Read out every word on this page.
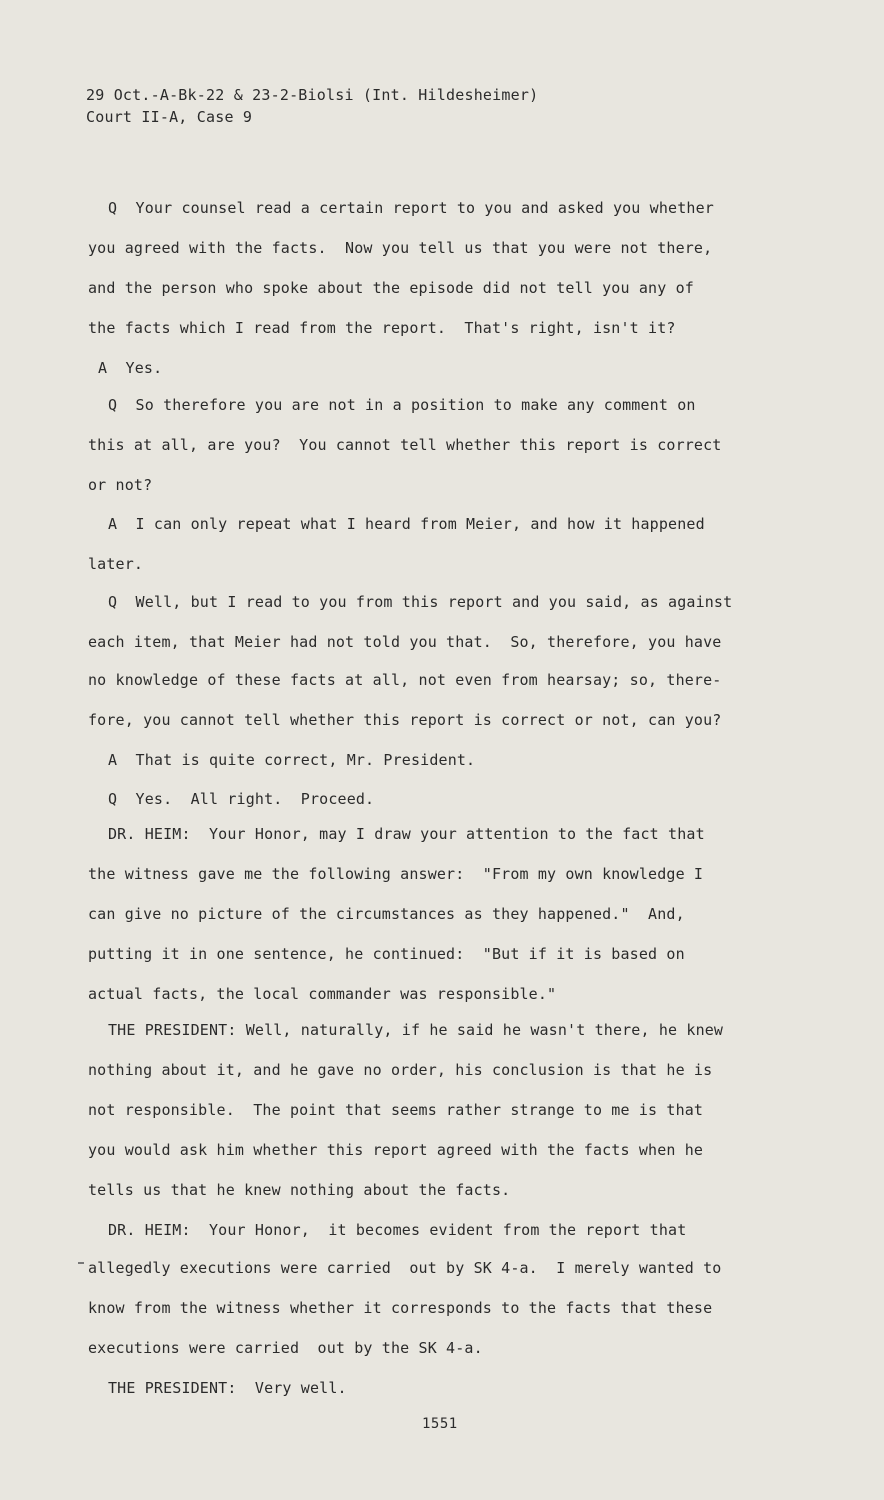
29 Oct.-A-Bk-22 & 23-2-Biolsi (Int. Hildesheimer)
Court II-A, Case 9
Q  Your counsel read a certain report to you and asked you whether
you agreed with the facts.  Now you tell us that you were not there,
and the person who spoke about the episode did not tell you any of
the facts which I read from the report.  That's right, isn't it?
A  Yes.
Q  So therefore you are not in a position to make any comment on
this at all, are you?  You cannot tell whether this report is correct
or not?
A  I can only repeat what I heard from Meier, and how it happened
later.
Q  Well, but I read to you from this report and you said, as against
each item, that Meier had not told you that.  So, therefore, you have
no knowledge of these facts at all, not even from hearsay; so, there-
fore, you cannot tell whether this report is correct or not, can you?
A  That is quite correct, Mr. President.
Q  Yes.  All right.  Proceed.
DR. HEIM:  Your Honor, may I draw your attention to the fact that
the witness gave me the following answer:  "From my own knowledge I
can give no picture of the circumstances as they happened."  And,
putting it in one sentence, he continued:  "But if it is based on
actual facts, the local commander was responsible."
THE PRESIDENT: Well, naturally, if he said he wasn't there, he knew
nothing about it, and he gave no order, his conclusion is that he is
not responsible.  The point that seems rather strange to me is that
you would ask him whether this report agreed with the facts when he
tells us that he knew nothing about the facts.
DR. HEIM:  Your Honor,  it becomes evident from the report that
allegedly executions were carried  out by SK 4-a.  I merely wanted to
know from the witness whether it corresponds to the facts that these
executions were carried  out by the SK 4-a.
THE PRESIDENT:  Very well.
1551
